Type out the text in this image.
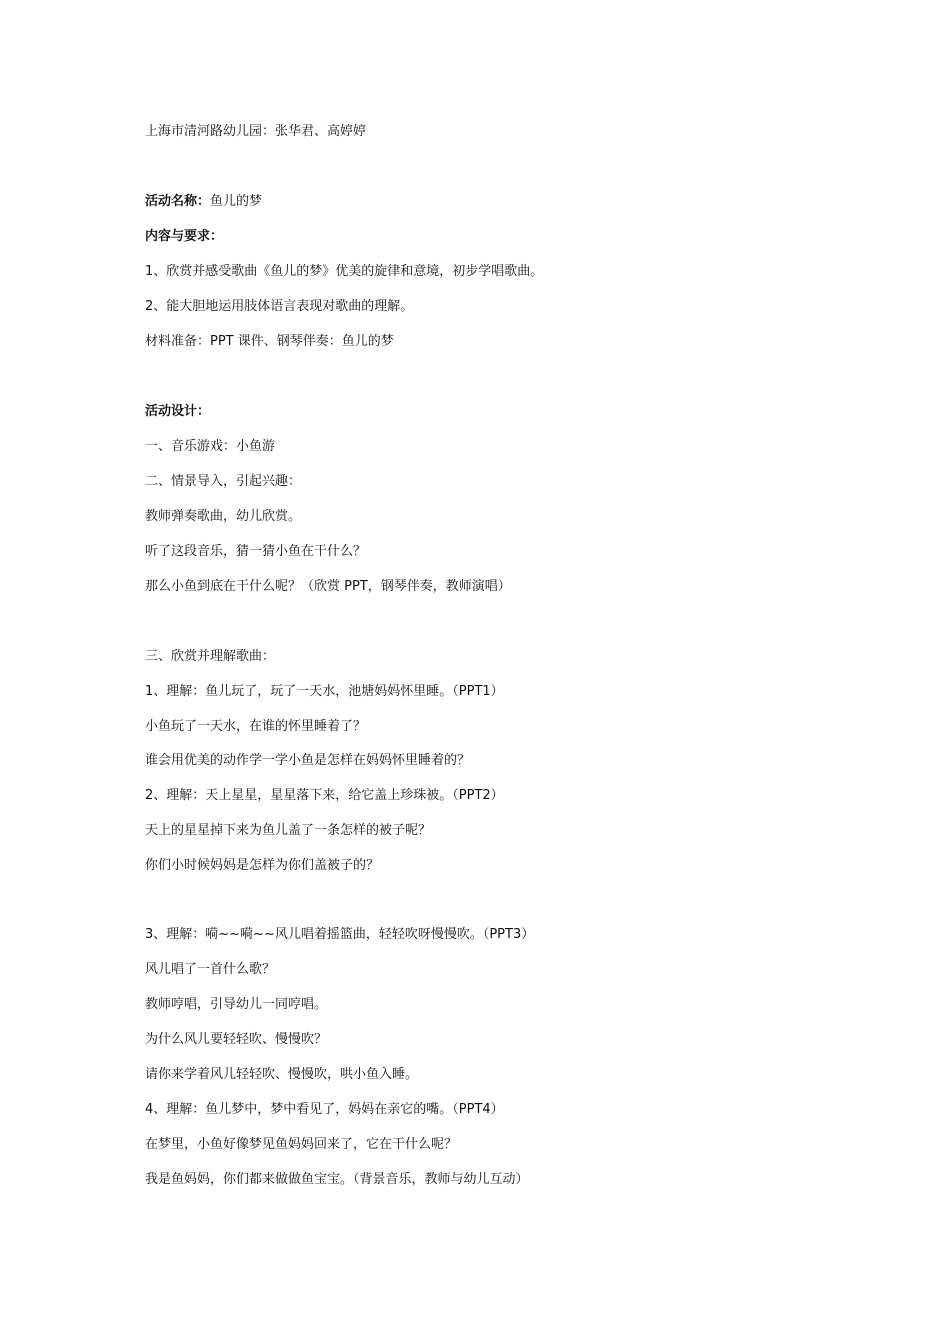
上海市清河路幼儿园：张华君、高婷婷
活动名称：鱼儿的梦
内容与要求：
1、欣赏并感受歌曲《鱼儿的梦》优美的旋律和意境，初步学唱歌曲。
2、能大胆地运用肢体语言表现对歌曲的理解。
材料准备：PPT 课件、钢琴伴奏：鱼儿的梦
活动设计：
一、音乐游戏：小鱼游
二、情景导入，引起兴趣：
教师弹奏歌曲，幼儿欣赏。
听了这段音乐，猜一猜小鱼在干什么？
那么小鱼到底在干什么呢？（欣赏 PPT，钢琴伴奏，教师演唱）
三、欣赏并理解歌曲：
1、理解：鱼儿玩了，玩了一天水，池塘妈妈怀里睡。（PPT1）
小鱼玩了一天水，在谁的怀里睡着了？
谁会用优美的动作学一学小鱼是怎样在妈妈怀里睡着的？
2、理解：天上星星，星星落下来，给它盖上珍珠被。（PPT2）
天上的星星掉下来为鱼儿盖了一条怎样的被子呢？
你们小时候妈妈是怎样为你们盖被子的？
3、理解：嗬~~嗬~~风儿唱着摇篮曲，轻轻吹呀慢慢吹。（PPT3）
风儿唱了一首什么歌？
教师哼唱，引导幼儿一同哼唱。
为什么风儿要轻轻吹、慢慢吹？
请你来学着风儿轻轻吹、慢慢吹，哄小鱼入睡。
4、理解：鱼儿梦中，梦中看见了，妈妈在亲它的嘴。（PPT4）
在梦里，小鱼好像梦见鱼妈妈回来了，它在干什么呢？
我是鱼妈妈，你们都来做做鱼宝宝。（背景音乐，教师与幼儿互动）
